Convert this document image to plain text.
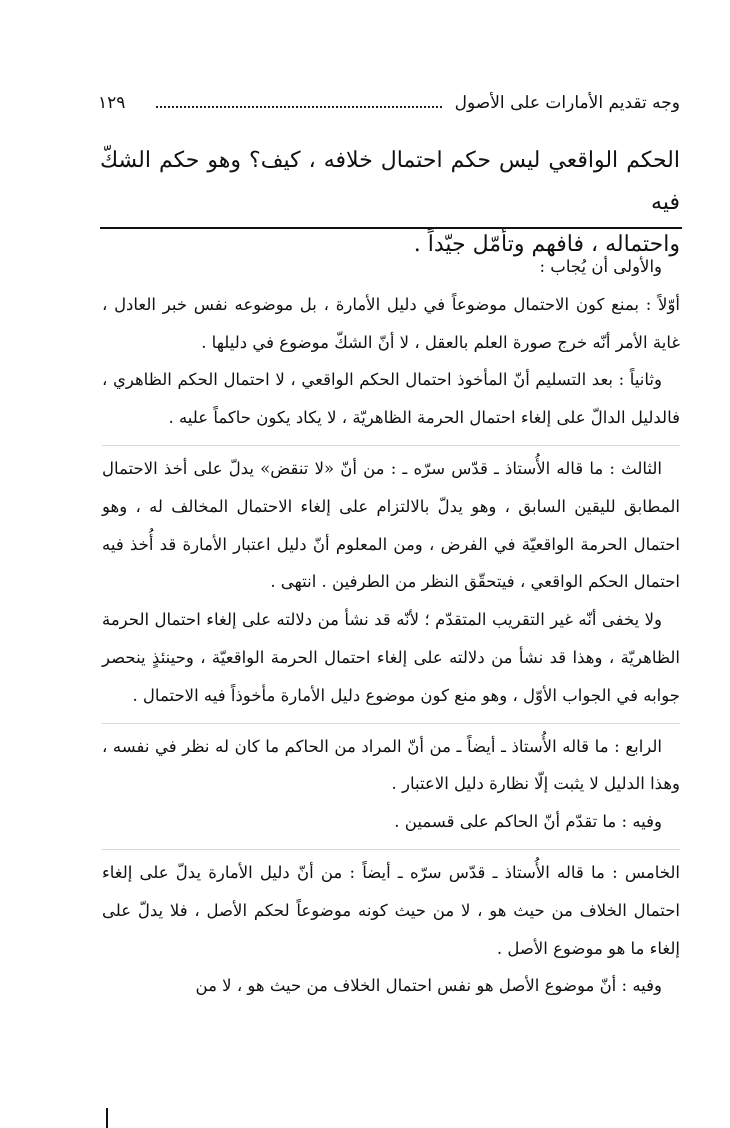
وجه تقديم الأمارات على الأصول
١٢٩
الحكم الواقعي ليس حكم احتمال خلافه ، كيف؟ وهو حكم الشكّ فيه
واحتماله ، فافهم وتأمّل جيّداً .

والأولى أن يُجاب :

أوّلاً : بمنع كون الاحتمال موضوعاً في دليل الأمارة ، بل موضوعه نفس خبر العادل ، غاية الأمر أنّه خرج صورة العلم بالعقل ، لا أنّ الشكّ موضوع في دليلها .

وثانياً : بعد التسليم أنّ المأخوذ احتمال الحكم الواقعي ، لا احتمال الحكم الظاهري ، فالدليل الدالّ على إلغاء احتمال الحرمة الظاهريّة ، لا يكاد يكون حاكماً عليه .

الثالث : ما قاله الأُستاذ ـ قدّس سرّه ـ : من أنّ «لا تنقض» يدلّ على أخذ الاحتمال المطابق لليقين السابق ، وهو يدلّ بالالتزام على إلغاء الاحتمال المخالف له ، وهو احتمال الحرمة الواقعيّة في الفرض ، ومن المعلوم أنّ دليل اعتبار الأمارة قد أُخذ فيه احتمال الحكم الواقعي ، فيتحقّق النظر من الطرفين . انتهى .

ولا يخفى أنّه غير التقريب المتقدّم ؛ لأنّه قد نشأ من دلالته على إلغاء احتمال الحرمة الظاهريّة ، وهذا قد نشأ من دلالته على إلغاء احتمال الحرمة الواقعيّة ، وحينئذٍ ينحصر جوابه في الجواب الأوّل ، وهو منع كون موضوع دليل الأمارة مأخوذاً فيه الاحتمال .

الرابع : ما قاله الأُستاذ ـ أيضاً ـ من أنّ المراد من الحاكم ما كان له نظر في نفسه ، وهذا الدليل لا يثبت إلّا نظارة دليل الاعتبار .

وفيه : ما تقدّم أنّ الحاكم على قسمين .

الخامس : ما قاله الأُستاذ ـ قدّس سرّه ـ أيضاً : من أنّ دليل الأمارة يدلّ على إلغاء احتمال الخلاف من حيث هو ، لا من حيث كونه موضوعاً لحكم الأصل ، فلا يدلّ على إلغاء ما هو موضوع الأصل .

وفيه : أنّ موضوع الأصل هو نفس احتمال الخلاف من حيث هو ، لا من
